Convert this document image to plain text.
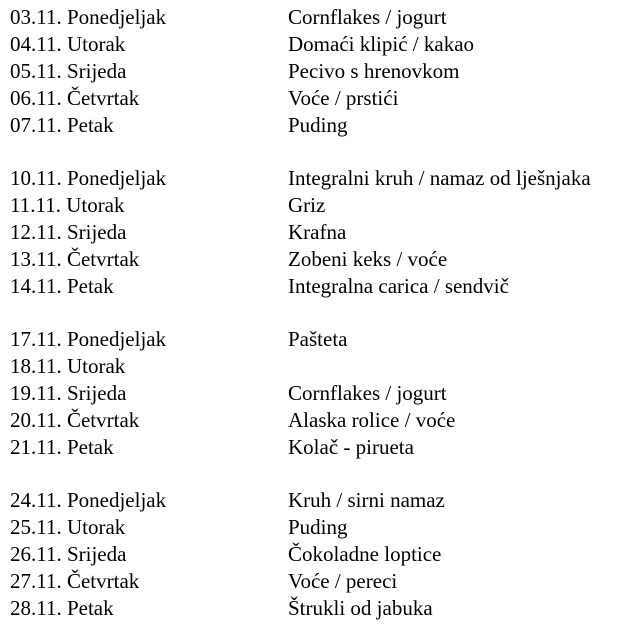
03.11. Ponedjeljak	Cornflakes / jogurt
04.11. Utorak	Domaći klipić / kakao
05.11. Srijeda	Pecivo s hrenovkom
06.11. Četvrtak	Voće / prstići
07.11. Petak	Puding
10.11. Ponedjeljak	Integralni kruh / namaz od lješnjaka
11.11. Utorak	Griz
12.11. Srijeda	Krafna
13.11. Četvrtak	Zobeni keks / voće
14.11. Petak	Integralna carica / sendvič
17.11. Ponedjeljak	Pašteta
18.11. Utorak
19.11. Srijeda	Cornflakes / jogurt
20.11. Četvrtak	Alaska rolice / voće
21.11. Petak	Kolač - pirueta
24.11. Ponedjeljak	Kruh / sirni namaz
25.11. Utorak	Puding
26.11. Srijeda	Čokoladne loptice
27.11. Četvrtak	Voće / pereci
28.11. Petak	Štrukli od jabuka
